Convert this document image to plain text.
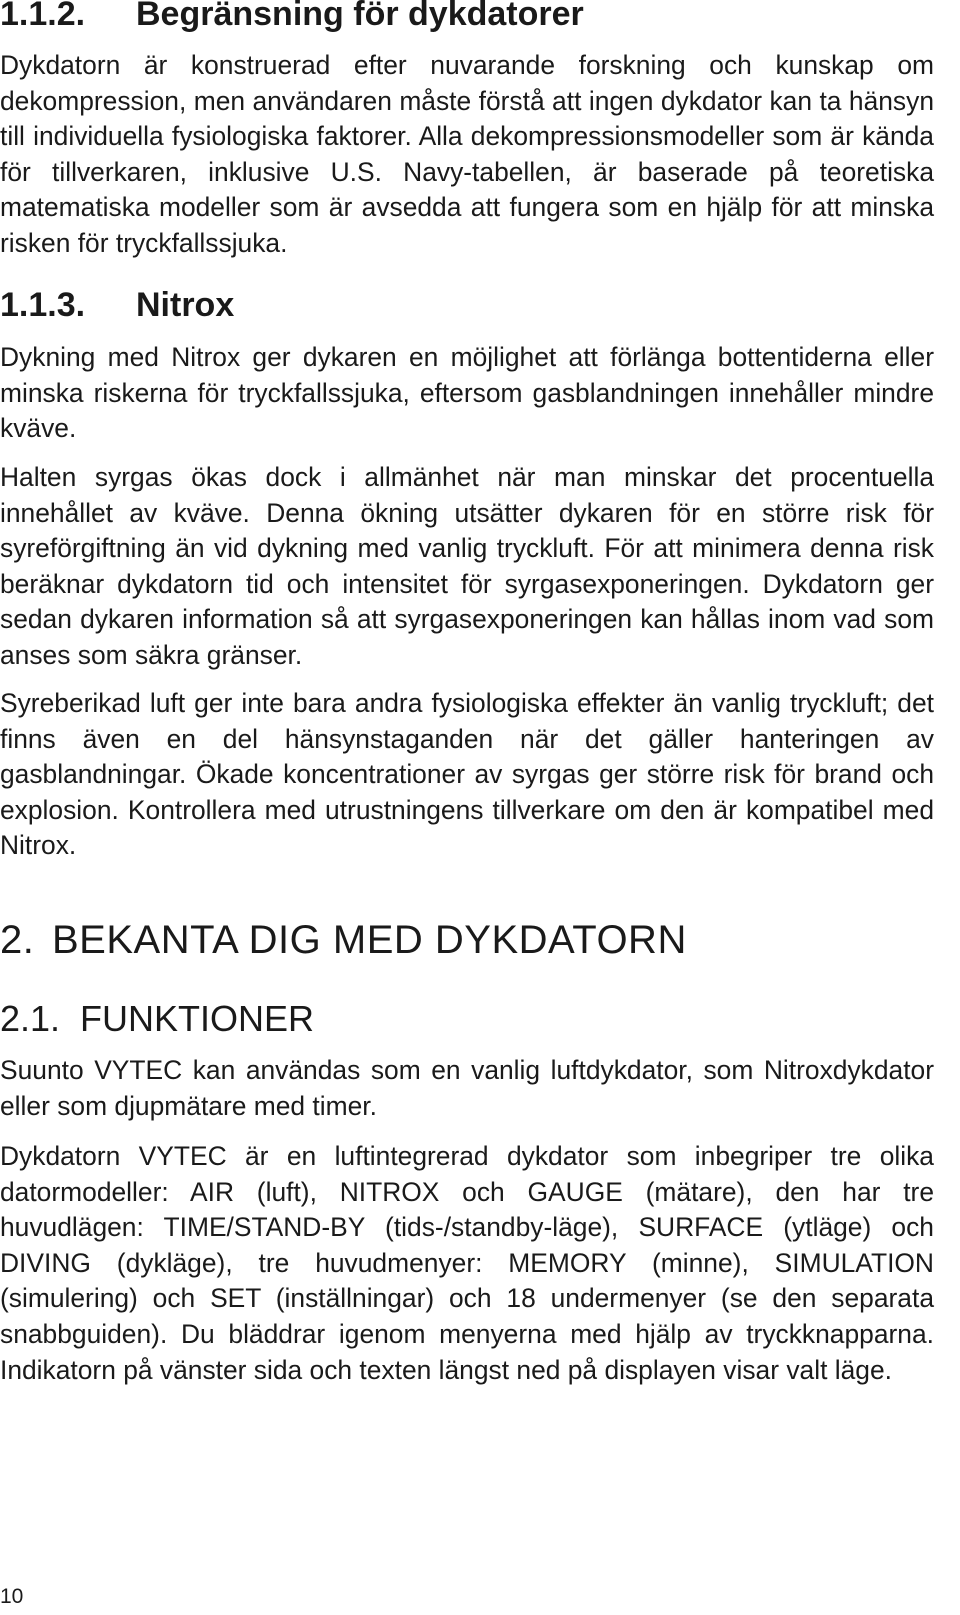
1.1.2. Begränsning för dykdatorer

Dykdatorn är konstruerad efter nuvarande forskning och kunskap om dekompression, men användaren måste förstå att ingen dykdator kan ta hänsyn till individuella fysiologiska faktorer. Alla dekompressionsmodeller som är kända för tillverkaren, inklusive U.S. Navy-tabellen, är baserade på teoretiska matematiska modeller som är avsedda att fungera som en hjälp för att minska risken för tryckfallssjuka.

1.1.3. Nitrox

Dykning med Nitrox ger dykaren en möjlighet att förlänga bottentiderna eller minska riskerna för tryckfallssjuka, eftersom gasblandningen innehåller mindre kväve.

Halten syrgas ökas dock i allmänhet när man minskar det procentuella innehållet av kväve. Denna ökning utsätter dykaren för en större risk för syreförgiftning än vid dykning med vanlig tryckluft. För att minimera denna risk beräknar dykdatorn tid och intensitet för syrgasexponeringen. Dykdatorn ger sedan dykaren information så att syrgasexponeringen kan hållas inom vad som anses som säkra gränser.

Syreberikad luft ger inte bara andra fysiologiska effekter än vanlig tryckluft; det finns även en del hänsynstaganden när det gäller hanteringen av gasblandningar. Ökade koncentrationer av syrgas ger större risk för brand och explosion. Kontrollera med utrustningens tillverkare om den är kompatibel med Nitrox.

2. BEKANTA DIG MED DYKDATORN
2.1. FUNKTIONER

Suunto VYTEC kan användas som en vanlig luftdykdator, som Nitroxdykdator eller som djupmätare med timer.

Dykdatorn VYTEC är en luftintegrerad dykdator som inbegriper tre olika datormodeller: AIR (luft), NITROX och GAUGE (mätare), den har tre huvudlägen: TIME/STAND-BY (tids-/standby-läge), SURFACE (ytläge) och DIVING (dykläge), tre huvudmenyer: MEMORY (minne), SIMULATION (simulering) och SET (inställningar) och 18 undermenyer (se den separata snabbguiden). Du bläddrar igenom menyerna med hjälp av tryckknapparna. Indikatorn på vänster sida och texten längst ned på displayen visar valt läge.

10
